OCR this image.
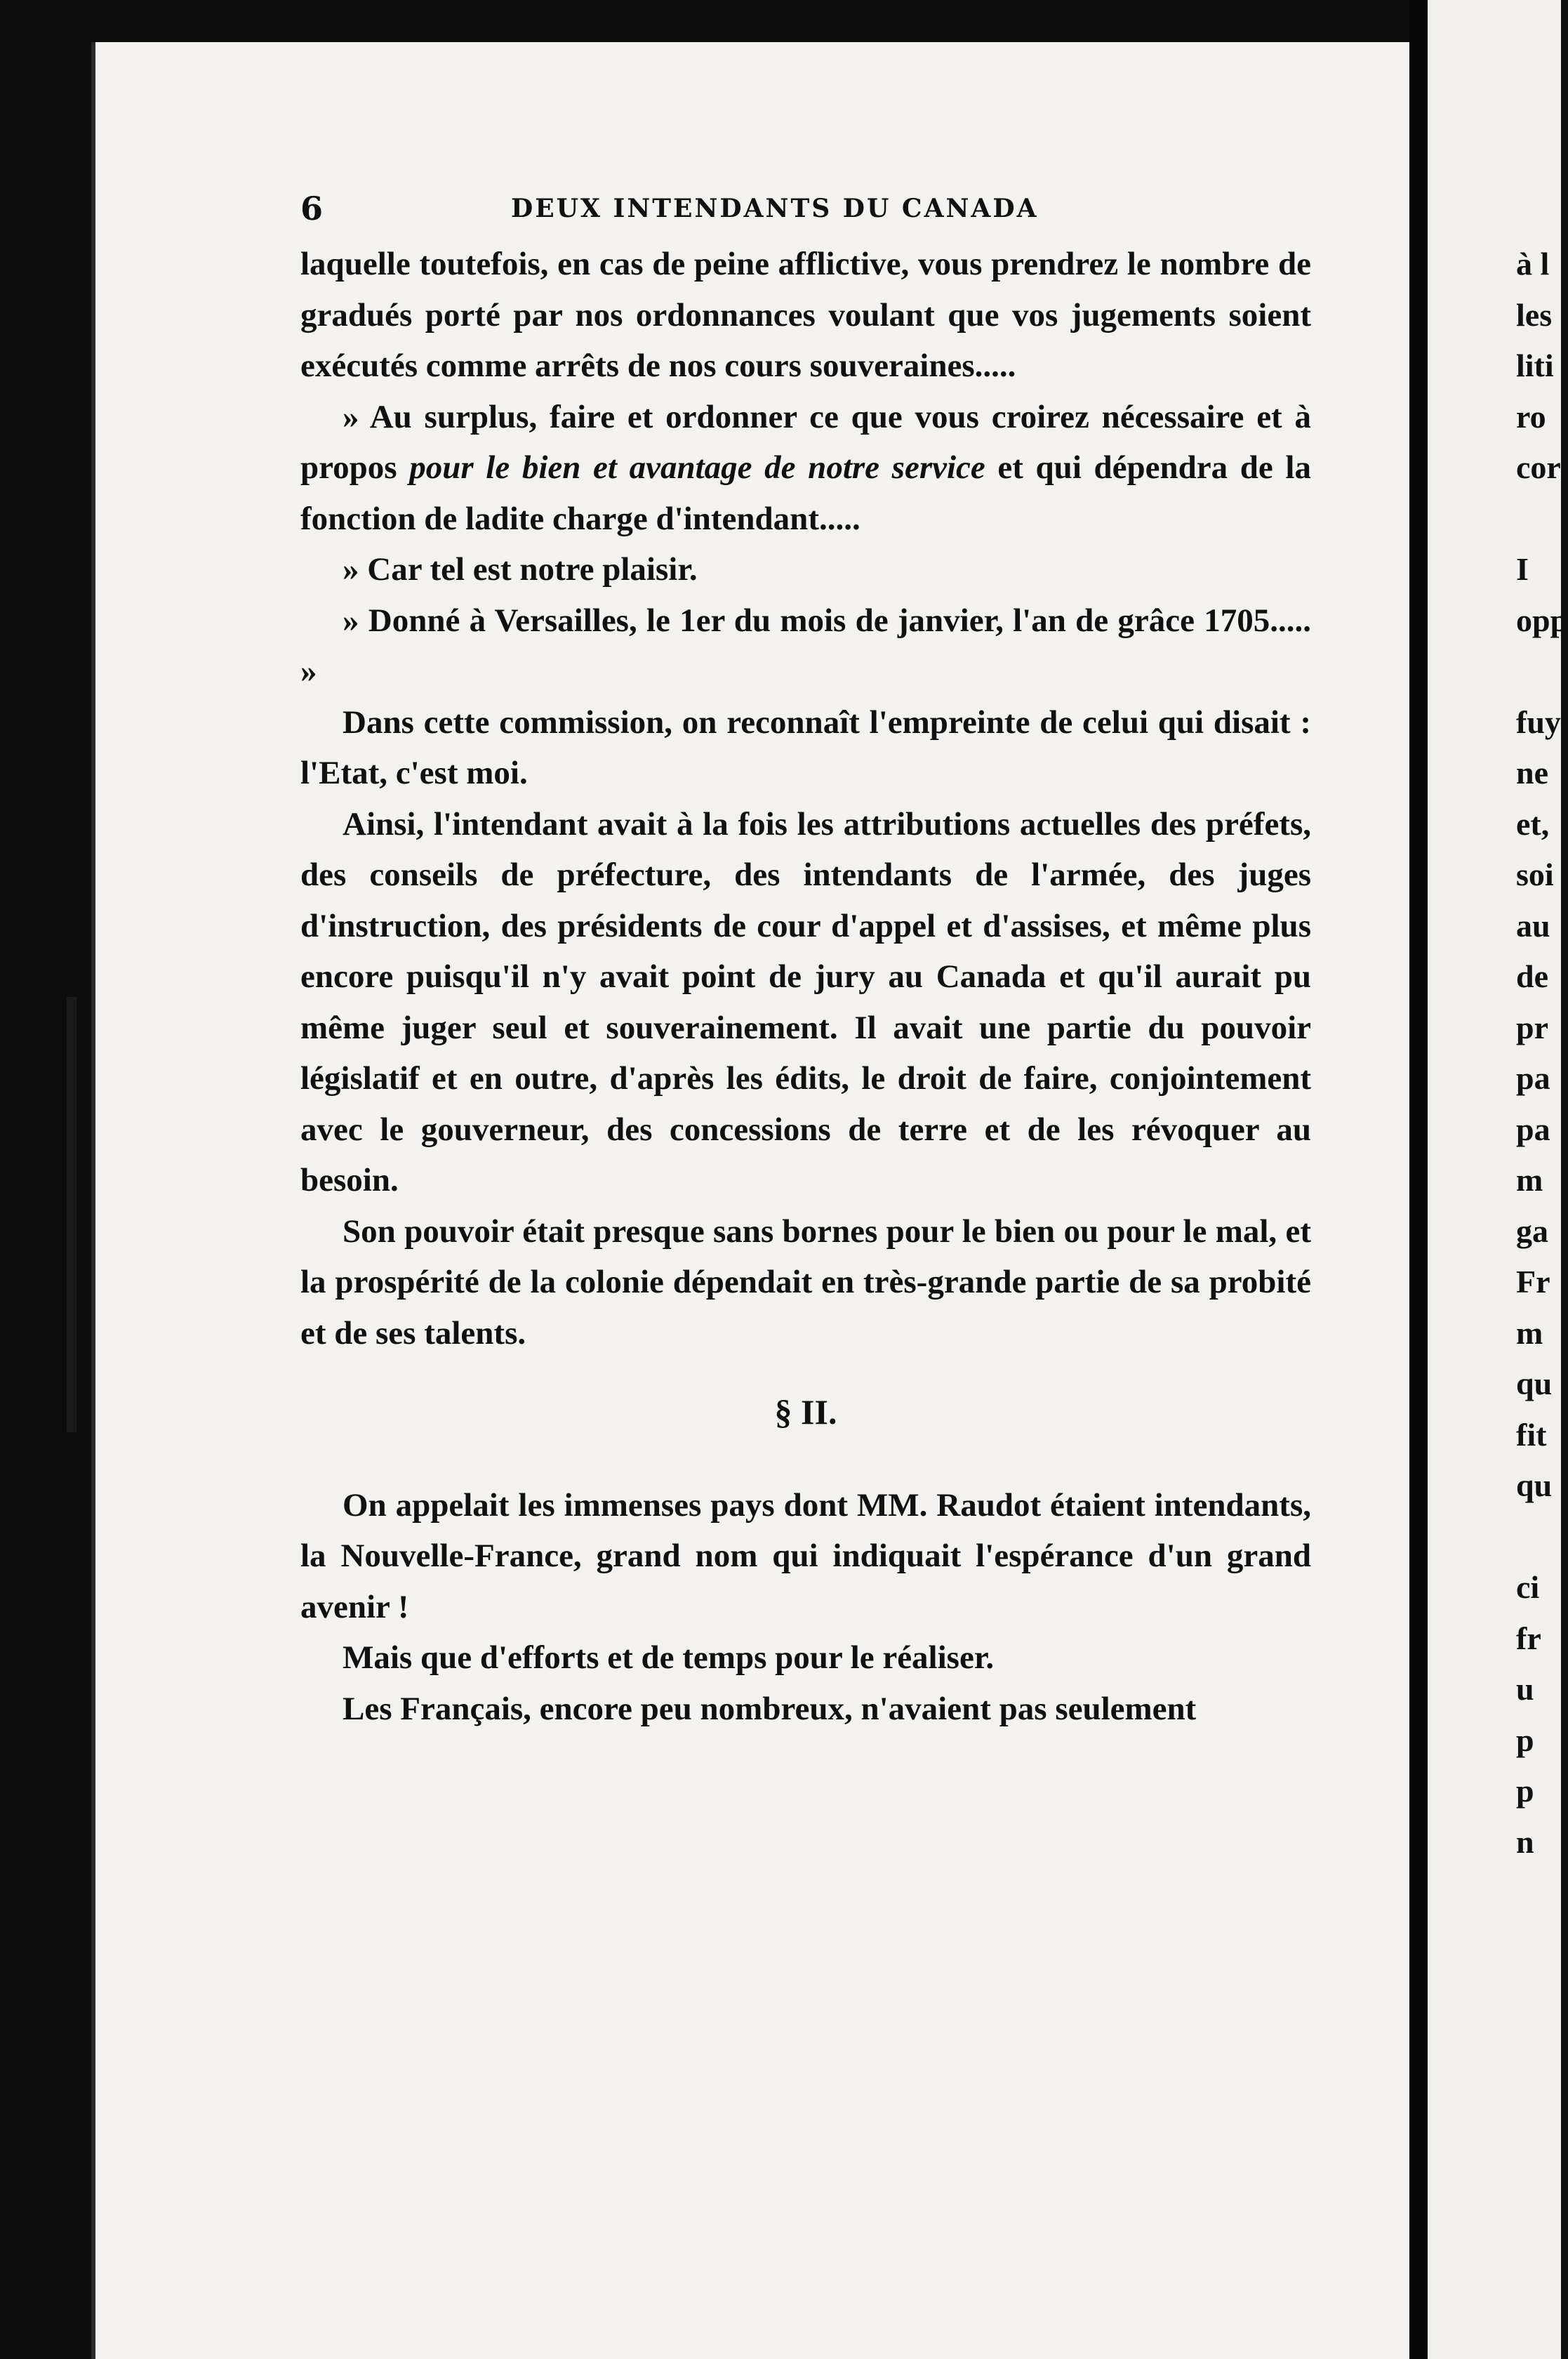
6	DEUX INTENDANTS DU CANADA

laquelle toutefois, en cas de peine afflictive, vous prendrez le nombre de gradués porté par nos ordonnances voulant que vos jugements soient exécutés comme arrêts de nos cours souveraines.....

» Au surplus, faire et ordonner ce que vous croirez nécessaire et à propos pour le bien et avantage de notre service et qui dépendra de la fonction de ladite charge d'intendant.....

» Car tel est notre plaisir.

» Donné à Versailles, le 1er du mois de janvier, l'an de grâce 1705..... »

Dans cette commission, on reconnaît l'empreinte de celui qui disait : l'Etat, c'est moi.

Ainsi, l'intendant avait à la fois les attributions actuelles des préfets, des conseils de préfecture, des intendants de l'armée, des juges d'instruction, des présidents de cour d'appel et d'assises, et même plus encore puisqu'il n'y avait point de jury au Canada et qu'il aurait pu même juger seul et souverainement. Il avait une partie du pouvoir législatif et en outre, d'après les édits, le droit de faire, conjointement avec le gouverneur, des concessions de terre et de les révoquer au besoin.

Son pouvoir était presque sans bornes pour le bien ou pour le mal, et la prospérité de la colonie dépendait en très-grande partie de sa probité et de ses talents.

§ II.

On appelait les immenses pays dont MM. Raudot étaient intendants, la Nouvelle-France, grand nom qui indiquait l'espérance d'un grand avenir !

Mais que d'efforts et de temps pour le réaliser.

Les Français, encore peu nombreux, n'avaient pas seulement

à l
les
liti
ro
cor
I
opp
fuy
ne
et,
soi
au
de
pr
pa
pa
m
ga
Fr
m
qu
fit
qu
ci
fr
u
p
p
n
